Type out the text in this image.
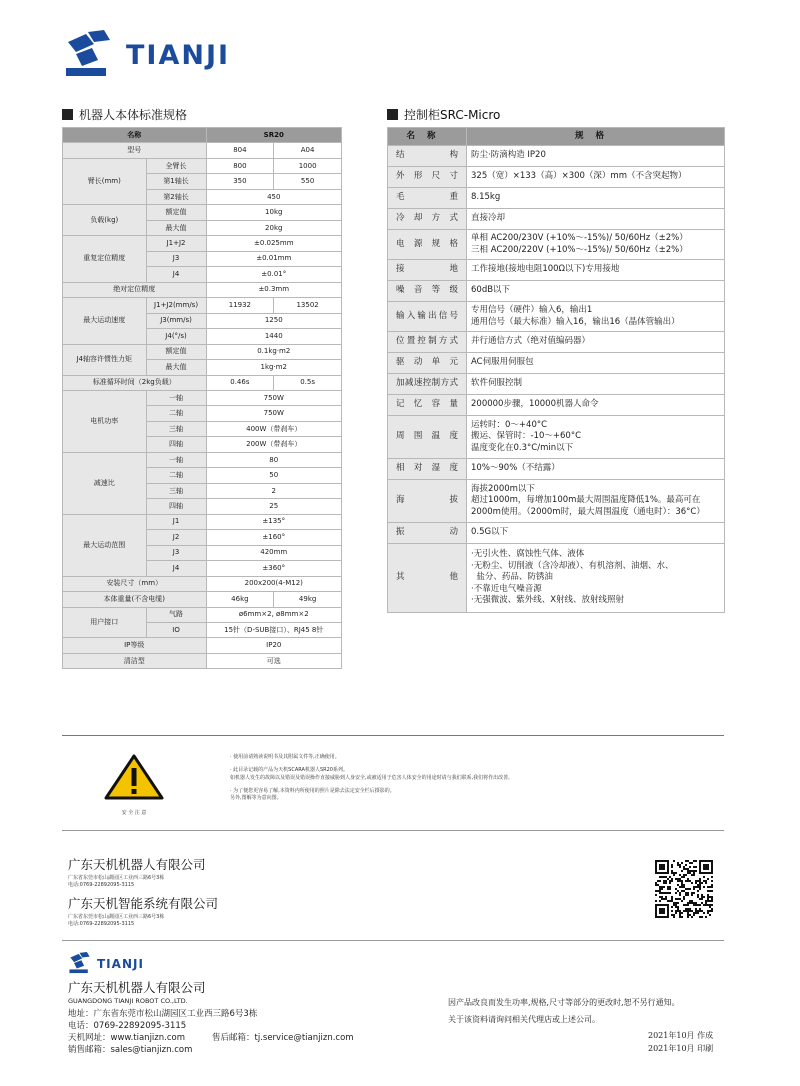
TIANJI
机器人本体标准规格	控制柜SRC-Micro
名称		SR20	
型号		804	A04
臂长(mm)	全臂长	800	1000
	第1轴长	350	550
	第2轴长	450	
负载(kg)	额定值	10kg	
	最大值	20kg	
重复定位精度	J1+J2	±0.025mm	
	J3	±0.01mm	
	J4	±0.01°	
绝对定位精度		±0.3mm	
最大运动速度	J1+J2(mm/s)	11932	13502
	J3(mm/s)	1250	
	J4(°/s)	1440	
J4轴容许惯性力矩	额定值	0.1kg·m2	
	最大值	1kg·m2	
标准循环时间（2kg负载）		0.46s	0.5s
电机功率	一轴	750W	
	二轴	750W	
	三轴	400W（带刹车）	
	四轴	200W（带刹车）	
减速比	一轴	80	
	二轴	50	
	三轴	2	
	四轴	25	
最大运动范围	J1	±135°	
	J2	±160°	
	J3	420mm	
	J4	±360°	
安装尺寸（mm）		200x200(4-M12)	
本体重量(不含电缆)		46kg	49kg
用户接口	气路	ø6mm×2, ø8mm×2	
	IO	15针（D-SUB接口）、RJ45 8针	
IP等级		IP20	
清洁型		可选	
名称	规格
结构	防尘·防滴构造 IP20

外形尺寸	325（宽）×133（高）×300（深）mm（不含突起物）

毛重	8.15kg

冷却方式	直接冷却

电源规格	单相 AC200/230V (+10%～-15%)/ 50/60Hz（±2%）
三相 AC200/220V (+10%～-15%)/ 50/60Hz（±2%）

接地	工作接地(接地电阻100Ω以下)专用接地

噪音等级	60dB以下

输入输出信号	专用信号（硬件）输入6，输出1
通用信号（最大标准）输入16，输出16（晶体管输出）

位置控制方式	并行通信方式（绝对值编码器）

驱动单元	AC伺服用伺服包

加减速控制方式	软件伺服控制

记忆容量	200000步骤，10000机器人命令

周围温度	运转时：0～+40°C
搬运、保管时：-10～+60°C
温度变化在0.3°C/min以下

相对湿度	10%～90%（不结露）

海拔	海拔2000m以下
超过1000m，每增加100m最大周围温度降低1%。最高可在
2000m使用。（2000m时，最大周围温度（通电时）：36°C）

振动	0.5G以下

其他	·无引火性、腐蚀性气体、液体
·无粉尘、切削液（含冷却液）、有机溶剂、油烟、水、
盐分、药品、防锈油
·不靠近电气噪音源
·无强微波、紫外线、X射线、放射线照射
安 全 注 意
· 使用前请熟读说明书及其附属文件等,正确使用。
· 此目录记载的产品为天机SCARA机器人SR20系列。
如机器人发生的故障以及错误及错误操作直接威胁到人身安全,或被适用于危害人体安全的用途时请与我们联系,我们将作出改善。
· 为了便您更容易了解,本资料内所使用的照片是除去法定安全栏后摄影的。
另外,图解等为意向图。
广东天机机器人有限公司
广东省东莞市松山湖园区工业西三路6号3栋
电话:0769-22892095-3115
广东天机智能系统有限公司
广东省东莞市松山湖园区工业西三路6号3栋
电话:0769-22892095-3115
TIANJI
广东天机机器人有限公司
GUANGDONG TIANJI ROBOT CO.,LTD.
地址：广东省东莞市松山湖园区工业西三路6号3栋
电话：0769-22892095-3115
天机网址：www.tianjizn.com	售后邮箱：tj.service@tianjizn.com
销售邮箱：sales@tianjizn.com
因产品改良而发生功率,规格,尺寸等部分的更改时,恕不另行通知。
关于该资料请询问相关代理店或上述公司。
2021年10月 作成
2021年10月 印刷
